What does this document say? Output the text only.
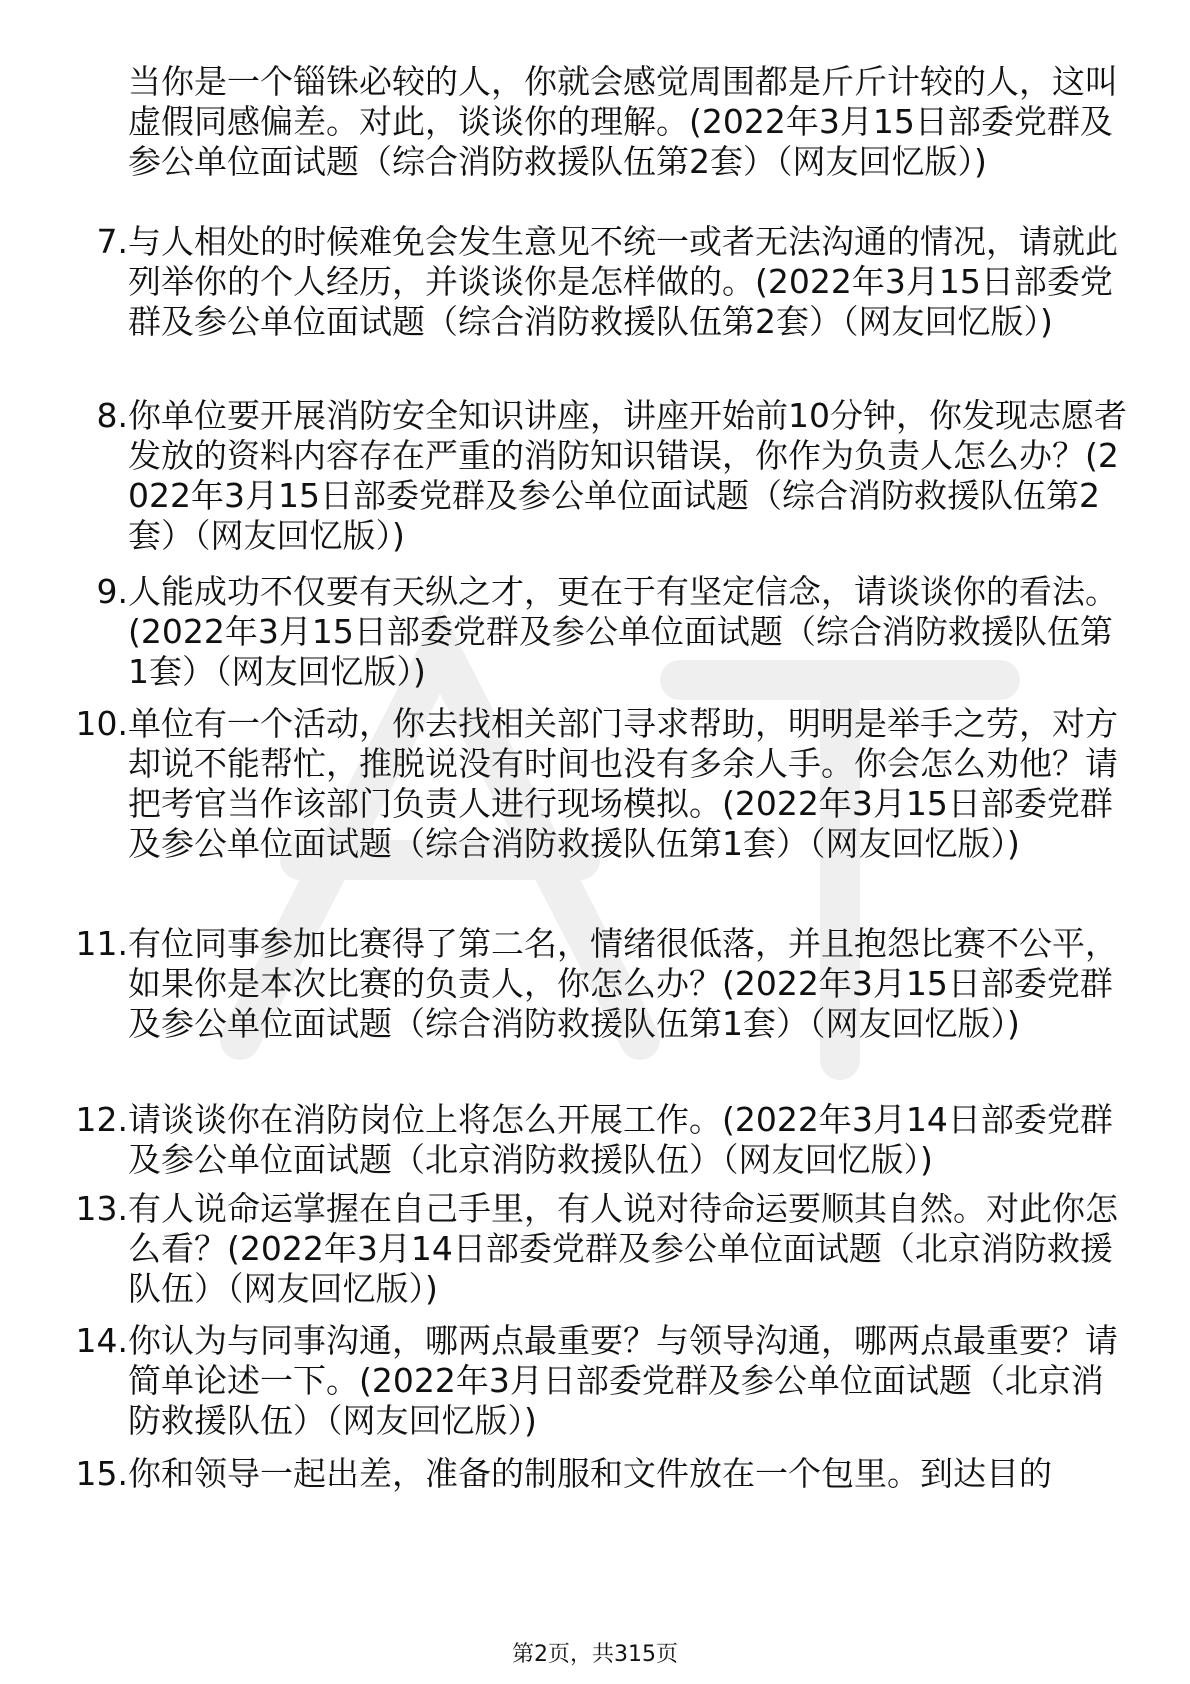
当你是一个锱铢必较的人，你就会感觉周围都是斤斤计较的人，这叫虚假同感偏差。对此，谈谈你的理解。(2022年3月15日部委党群及参公单位面试题（综合消防救援队伍第2套）（网友回忆版）)
7. 与人相处的时候难免会发生意见不统一或者无法沟通的情况，请就此列举你的个人经历，并谈谈你是怎样做的。(2022年3月15日部委党群及参公单位面试题（综合消防救援队伍第2套）（网友回忆版）)
8. 你单位要开展消防安全知识讲座，讲座开始前10分钟，你发现志愿者发放的资料内容存在严重的消防知识错误，你作为负责人怎么办？(2022年3月15日部委党群及参公单位面试题（综合消防救援队伍第2套）（网友回忆版）)
9. 人能成功不仅要有天纵之才，更在于有坚定信念，请谈谈你的看法。(2022年3月15日部委党群及参公单位面试题（综合消防救援队伍第1套）（网友回忆版）)
10. 单位有一个活动，你去找相关部门寻求帮助，明明是举手之劳，对方却说不能帮忙，推脱说没有时间也没有多余人手。你会怎么劝他？请把考官当作该部门负责人进行现场模拟。(2022年3月15日部委党群及参公单位面试题（综合消防救援队伍第1套）（网友回忆版）)
11. 有位同事参加比赛得了第二名，情绪很低落，并且抱怨比赛不公平，如果你是本次比赛的负责人，你怎么办？(2022年3月15日部委党群及参公单位面试题（综合消防救援队伍第1套）（网友回忆版）)
12. 请谈谈你在消防岗位上将怎么开展工作。(2022年3月14日部委党群及参公单位面试题（北京消防救援队伍）（网友回忆版）)
13. 有人说命运掌握在自己手里，有人说对待命运要顺其自然。对此你怎么看？(2022年3月14日部委党群及参公单位面试题（北京消防救援队伍）（网友回忆版）)
14. 你认为与同事沟通，哪两点最重要？与领导沟通，哪两点最重要？请简单论述一下。(2022年3月日部委党群及参公单位面试题（北京消防救援队伍）（网友回忆版）)
15. 你和领导一起出差，准备的制服和文件放在一个包里。到达目的
第2页，共315页
